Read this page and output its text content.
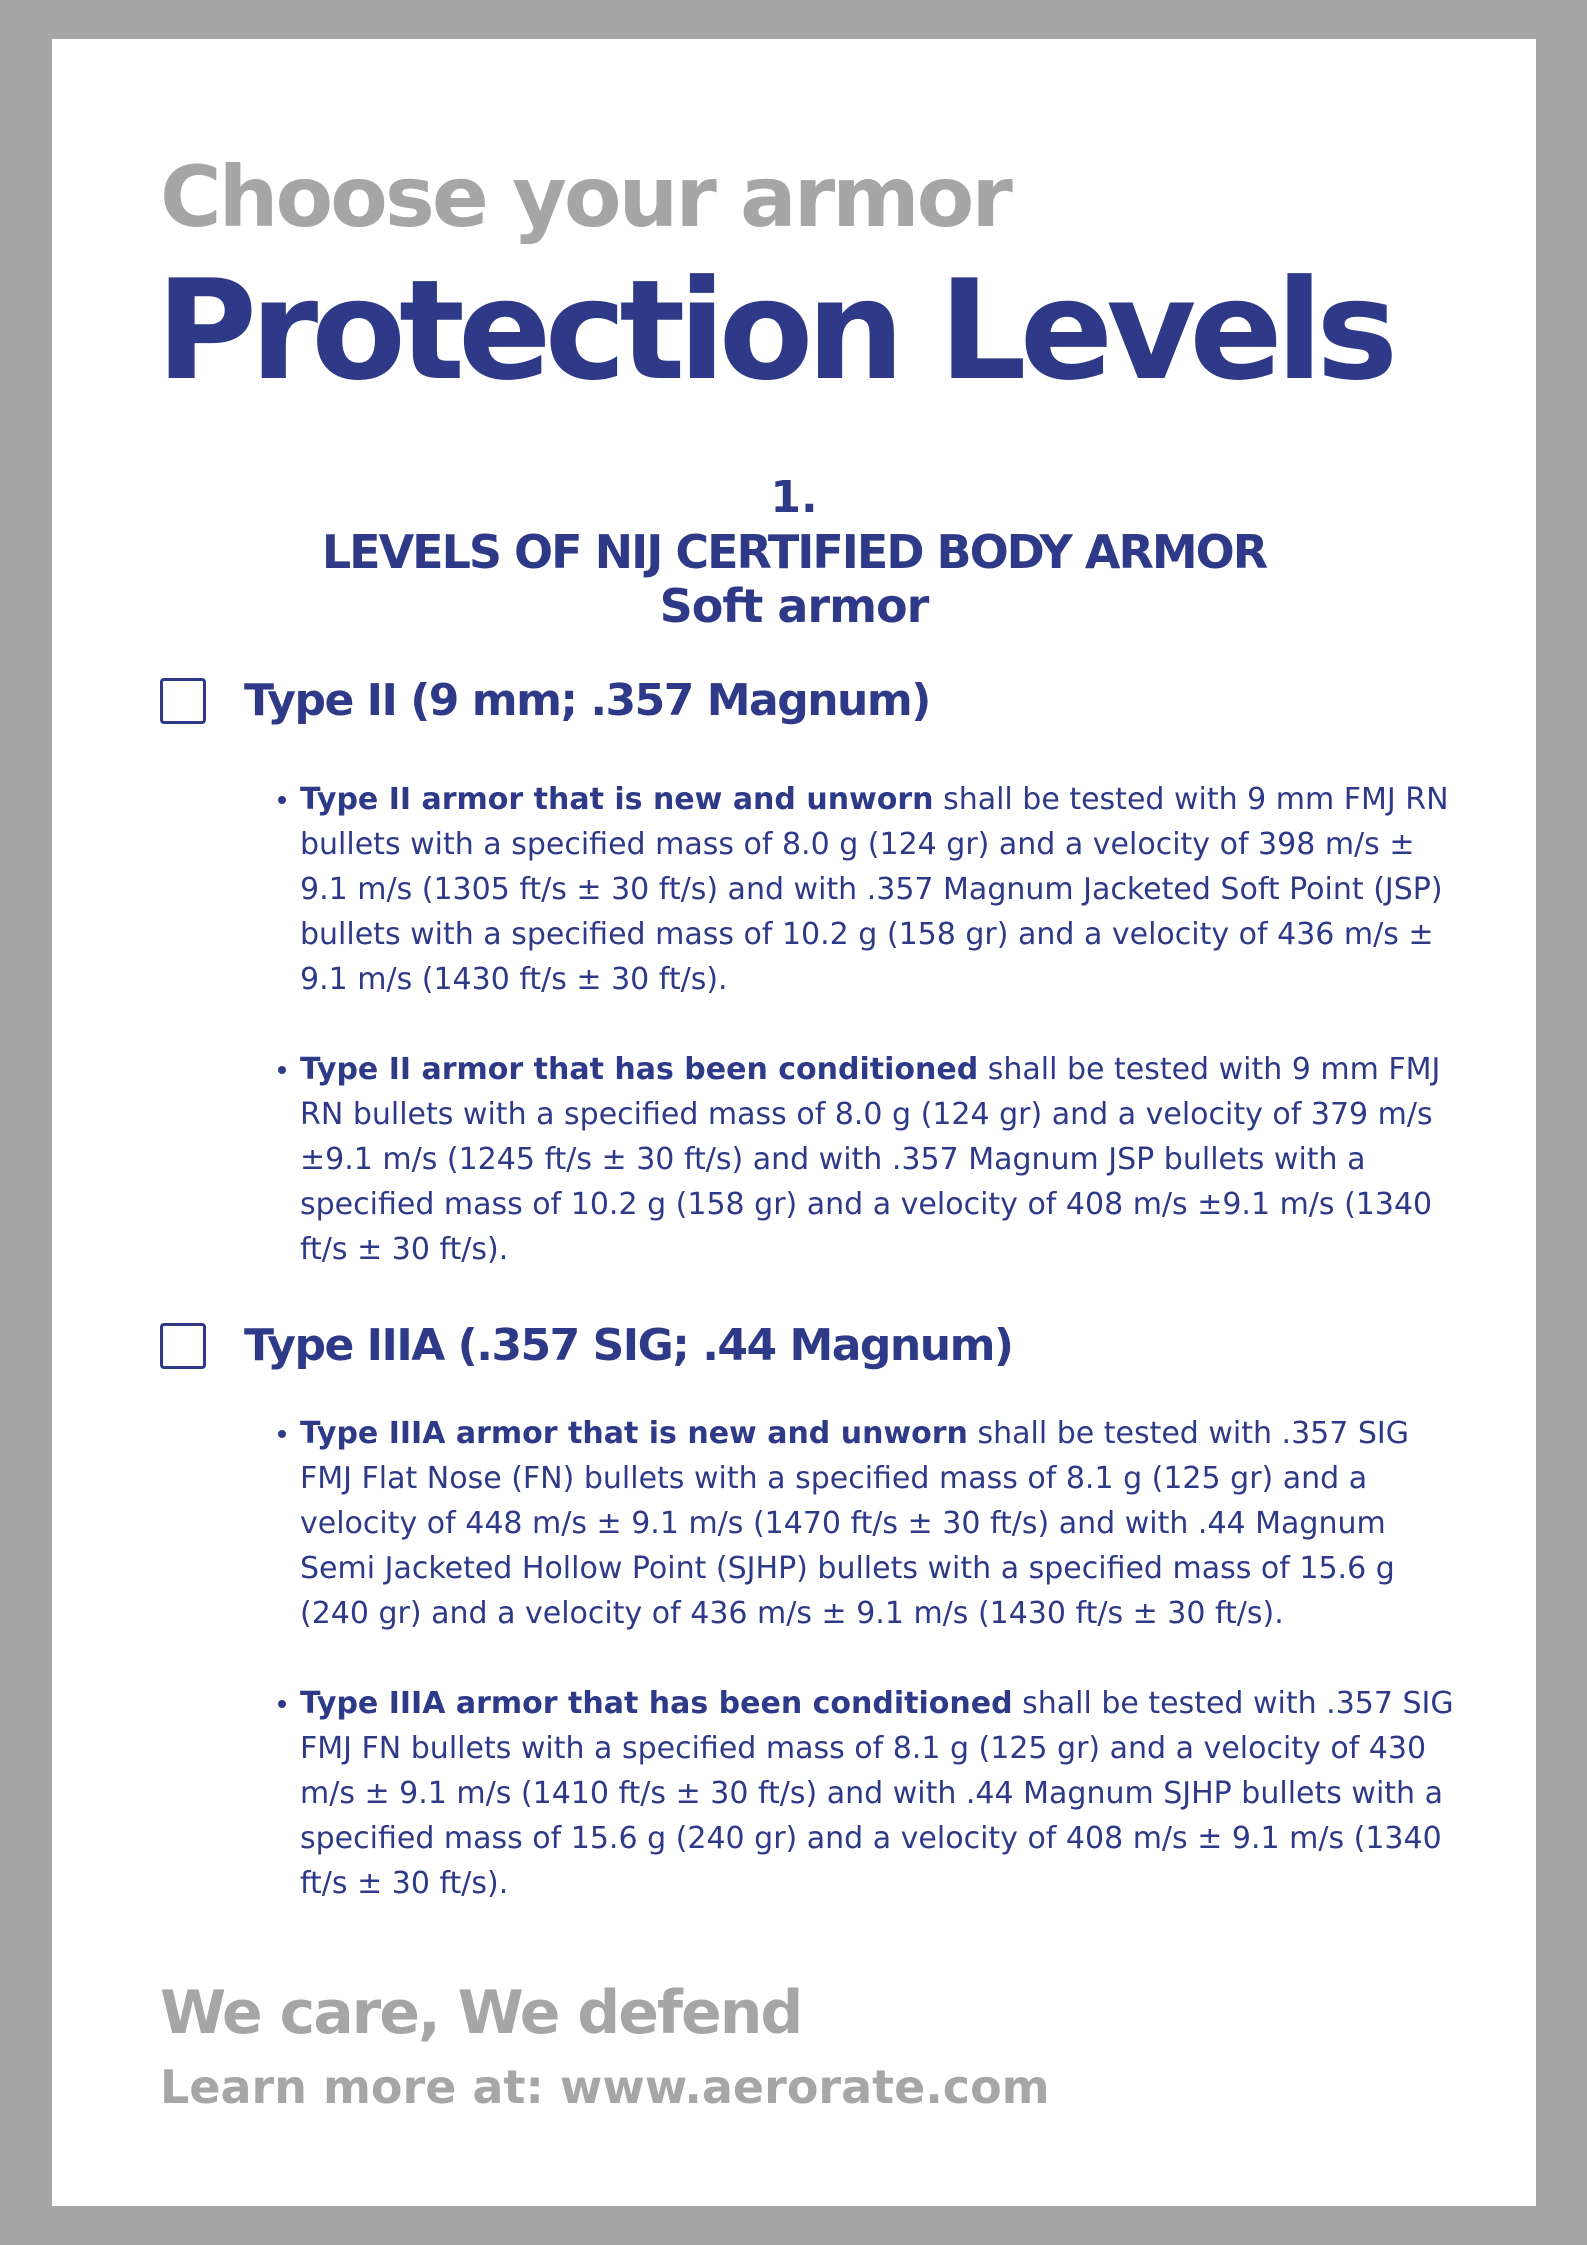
Choose your armor
Protection Levels
1.
LEVELS OF NIJ CERTIFIED BODY ARMOR
Soft armor
Type II (9 mm; .357 Magnum)
Type II armor that is new and unworn shall be tested with 9 mm FMJ RN bullets with a specified mass of 8.0 g (124 gr) and a velocity of 398 m/s ± 9.1 m/s (1305 ft/s ± 30 ft/s) and with .357 Magnum Jacketed Soft Point (JSP) bullets with a specified mass of 10.2 g (158 gr) and a velocity of 436 m/s ± 9.1 m/s (1430 ft/s ± 30 ft/s).
Type II armor that has been conditioned shall be tested with 9 mm FMJ RN bullets with a specified mass of 8.0 g (124 gr) and a velocity of 379 m/s ±9.1 m/s (1245 ft/s ± 30 ft/s) and with .357 Magnum JSP bullets with a specified mass of 10.2 g (158 gr) and a velocity of 408 m/s ±9.1 m/s (1340 ft/s ± 30 ft/s).
Type IIIA (.357 SIG; .44 Magnum)
Type IIIA armor that is new and unworn shall be tested with .357 SIG FMJ Flat Nose (FN) bullets with a specified mass of 8.1 g (125 gr) and a velocity of 448 m/s ± 9.1 m/s (1470 ft/s ± 30 ft/s) and with .44 Magnum Semi Jacketed Hollow Point (SJHP) bullets with a specified mass of 15.6 g (240 gr) and a velocity of 436 m/s ± 9.1 m/s (1430 ft/s ± 30 ft/s).
Type IIIA armor that has been conditioned shall be tested with .357 SIG FMJ FN bullets with a specified mass of 8.1 g (125 gr) and a velocity of 430 m/s ± 9.1 m/s (1410 ft/s ± 30 ft/s) and with .44 Magnum SJHP bullets with a specified mass of 15.6 g (240 gr) and a velocity of 408 m/s ± 9.1 m/s (1340 ft/s ± 30 ft/s).
We care, We defend
Learn more at: www.aerorate.com
